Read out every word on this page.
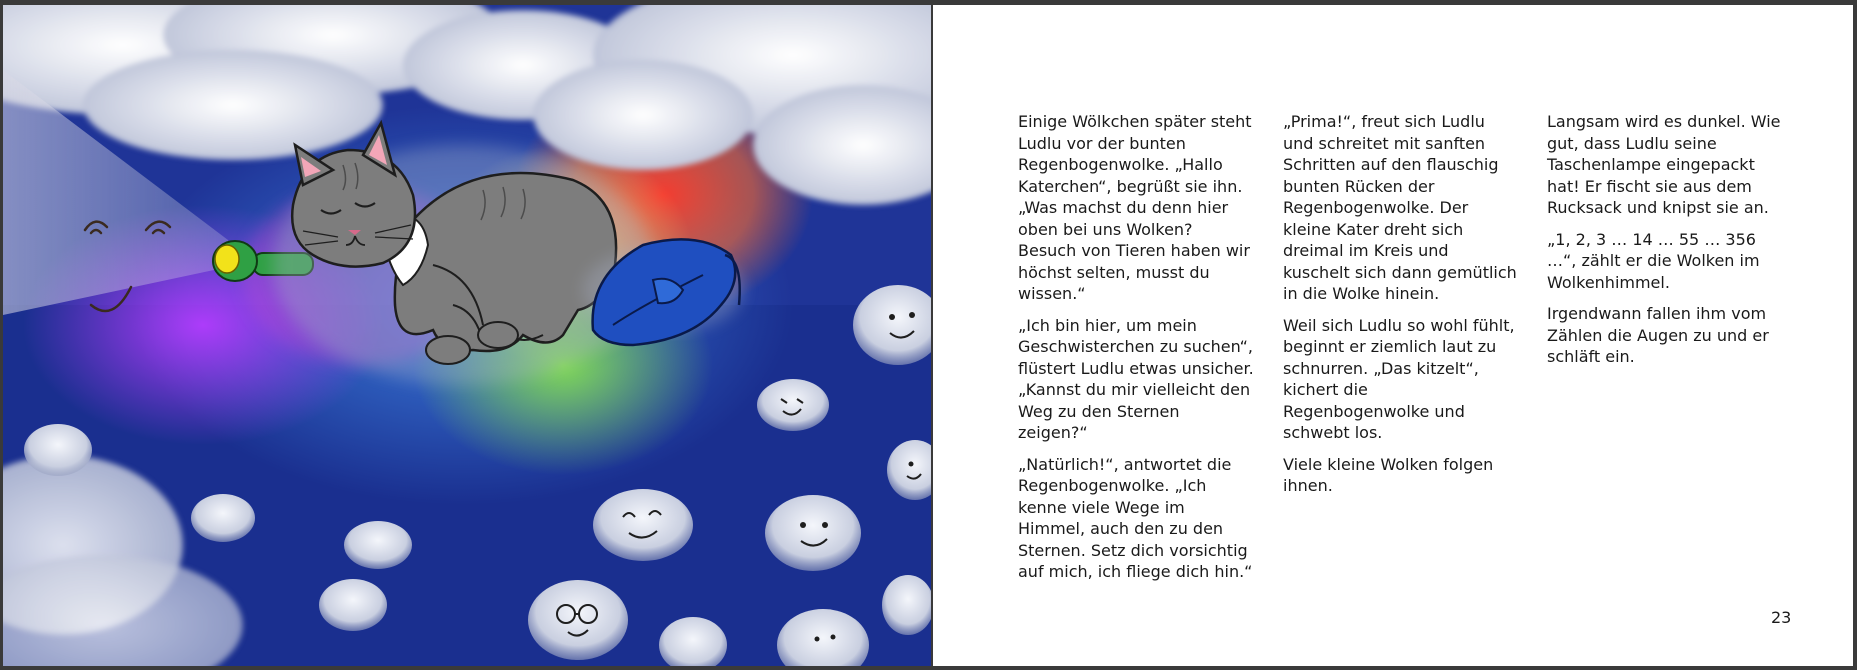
Einige Wölkchen später steht Ludlu vor der bunten Regenbogenwolke. „Hallo Katerchen“, begrüßt sie ihn. „Was machst du denn hier oben bei uns Wolken? Besuch von Tieren haben wir höchst selten, musst du wissen.“

„Ich bin hier, um mein Geschwisterchen zu suchen“, flüstert Ludlu etwas unsicher. „Kannst du mir vielleicht den Weg zu den Sternen zeigen?“

„Natürlich!“, antwortet die Regenbogenwolke. „Ich kenne viele Wege im Himmel, auch den zu den Sternen. Setz dich vorsichtig auf mich, ich fliege dich hin.“

„Prima!“, freut sich Ludlu und schreitet mit sanften Schritten auf den flauschig bunten Rücken der Regenbogenwolke. Der kleine Kater dreht sich dreimal im Kreis und kuschelt sich dann gemütlich in die Wolke hinein.

Weil sich Ludlu so wohl fühlt, beginnt er ziemlich laut zu schnurren. „Das kitzelt“, kichert die Regenbogenwolke und schwebt los.

Viele kleine Wolken folgen ihnen.

Langsam wird es dunkel. Wie gut, dass Ludlu seine Taschenlampe eingepackt hat! Er fischt sie aus dem Rucksack und knipst sie an.

„1, 2, 3 … 14 … 55 … 356 …“, zählt er die Wolken im Wolkenhimmel.

Irgendwann fallen ihm vom Zählen die Augen zu und er schläft ein.

23
